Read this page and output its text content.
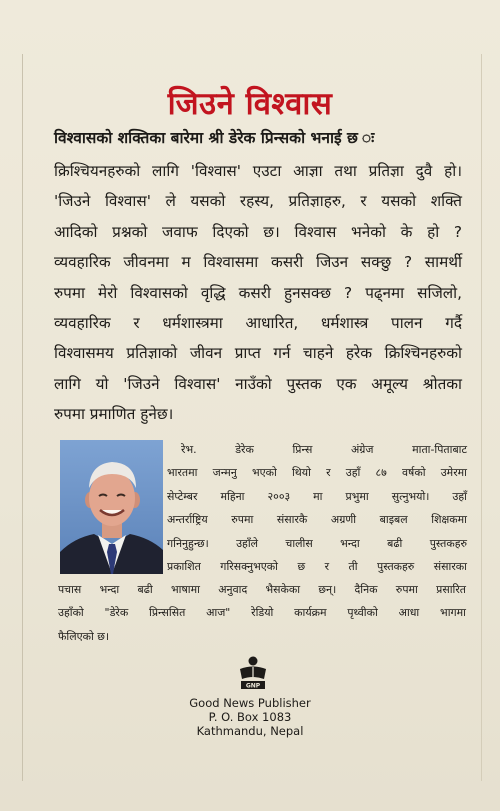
जिउने विश्वास
विश्वासको शक्तिका बारेमा श्री डेरेक प्रिन्सको भनाई छ ः
क्रिश्चियनहरुको लागि 'विश्वास' एउटा आज्ञा तथा प्रतिज्ञा दुवै हो।
'जिउने विश्वास' ले यसको रहस्य, प्रतिज्ञाहरु, र यसको शक्ति
आदिको प्रश्नको जवाफ दिएको छ। विश्वास भनेको के हो ?
व्यवहारिक जीवनमा म विश्वासमा कसरी जिउन सक्छु ? सामर्थी
रुपमा मेरो विश्वासको वृद्धि कसरी हुनसक्छ ? पढ्नमा सजिलो,
व्यवहारिक र धर्मशास्त्रमा आधारित, धर्मशास्त्र पालन गर्दै
विश्वासमय प्रतिज्ञाको जीवन प्राप्त गर्न चाहने हरेक क्रिश्चिनहरुको
लागि यो 'जिउने विश्वास' नाउँको पुस्तक एक अमूल्य श्रोतका
रुपमा प्रमाणित हुनेछ।
रेभ. डेरेक प्रिन्स अंग्रेज माता-पिताबाट
भारतमा जन्मनु भएको थियो र उहाँ ८७ वर्षको उमेरमा
सेप्टेम्बर महिना २००३ मा प्रभुमा सुत्नुभयो। उहाँ
अन्तर्राष्ट्रिय रुपमा संसारकै अग्रणी बाइबल शिक्षकमा
गनिनुहुन्छ। उहाँले चालीस भन्दा बढी पुस्तकहरु
प्रकाशित गरिसक्नुभएको छ र ती पुस्तकहरु संसारका
पचास भन्दा बढी भाषामा अनुवाद भैसकेका छन्। दैनिक रुपमा प्रसारित
उहाँको "डेरेक प्रिन्ससित आज" रेडियो कार्यक्रम पृथ्वीको आधा भागमा
फैलिएको छ।
GNP
Good News Publisher
P. O. Box 1083
Kathmandu, Nepal
